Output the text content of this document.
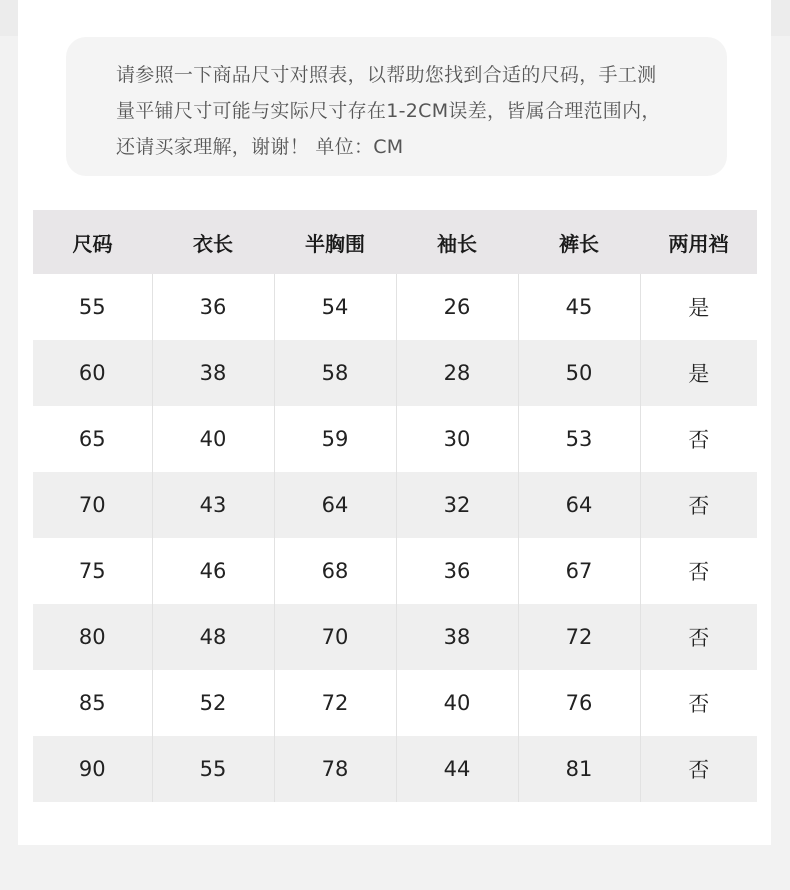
请参照一下商品尺寸对照表，以帮助您找到合适的尺码，手工测
量平铺尺寸可能与实际尺寸存在1-2CM误差，皆属合理范围内，
还请买家理解，谢谢！ 单位：CM
尺码	衣长	半胸围	袖长	裤长	两用裆
55	36	54	26	45	是
60	38	58	28	50	是
65	40	59	30	53	否
70	43	64	32	64	否
75	46	68	36	67	否
80	48	70	38	72	否
85	52	72	40	76	否
90	55	78	44	81	否
